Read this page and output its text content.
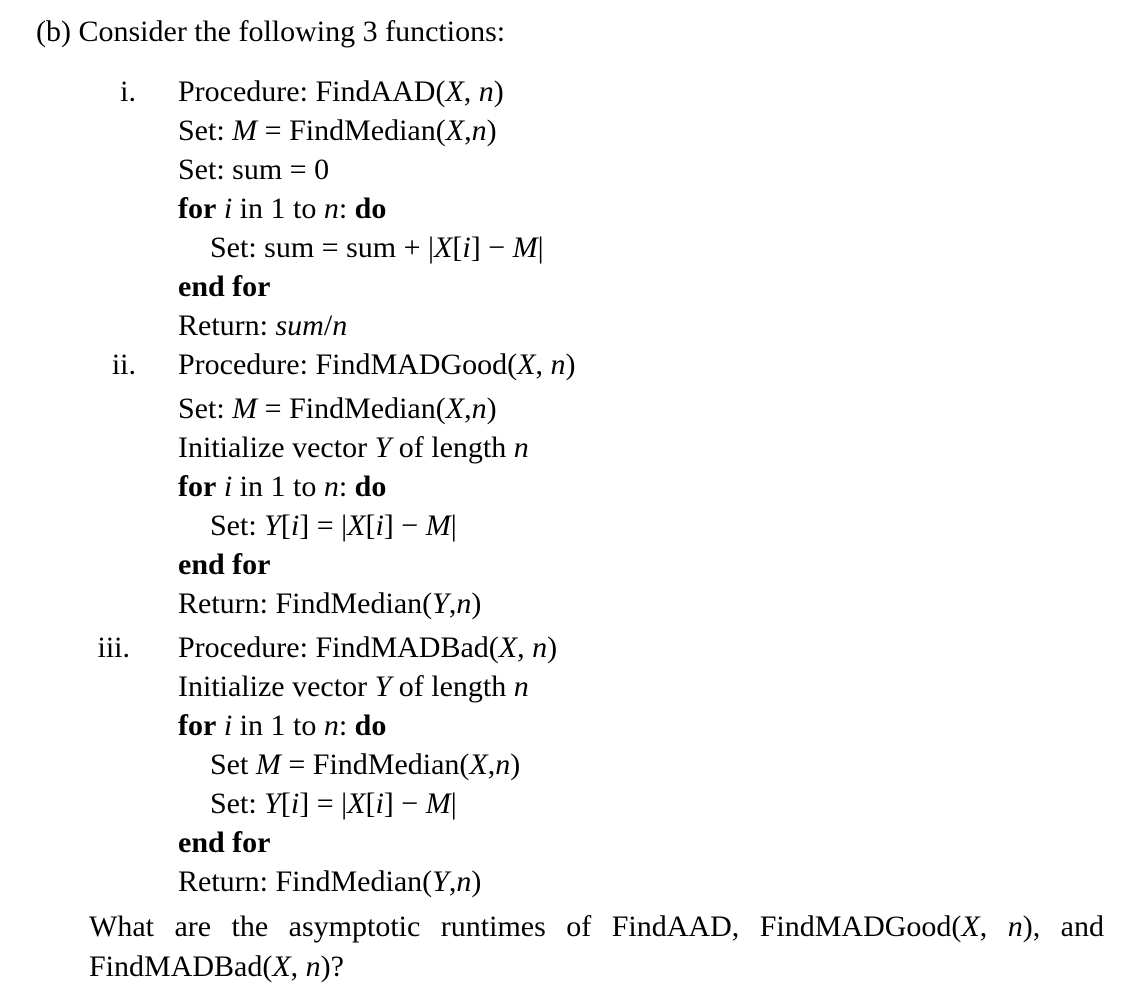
(b) Consider the following 3 functions:
i. Procedure: FindAAD(X, n)
Set: M = FindMedian(X,n)
Set: sum = 0
for i in 1 to n: do
Set: sum = sum + |X[i] − M|
end for
Return: sum/n
ii. Procedure: FindMADGood(X, n)
Set: M = FindMedian(X,n)
Initialize vector Y of length n
for i in 1 to n: do
Set: Y[i] = |X[i] − M|
end for
Return: FindMedian(Y,n)
iii. Procedure: FindMADBad(X, n)
Initialize vector Y of length n
for i in 1 to n: do
Set M = FindMedian(X,n)
Set: Y[i] = |X[i] − M|
end for
Return: FindMedian(Y,n)
What are the asymptotic runtimes of FindAAD, FindMADGood(X, n), and FindMADBad(X, n)?
